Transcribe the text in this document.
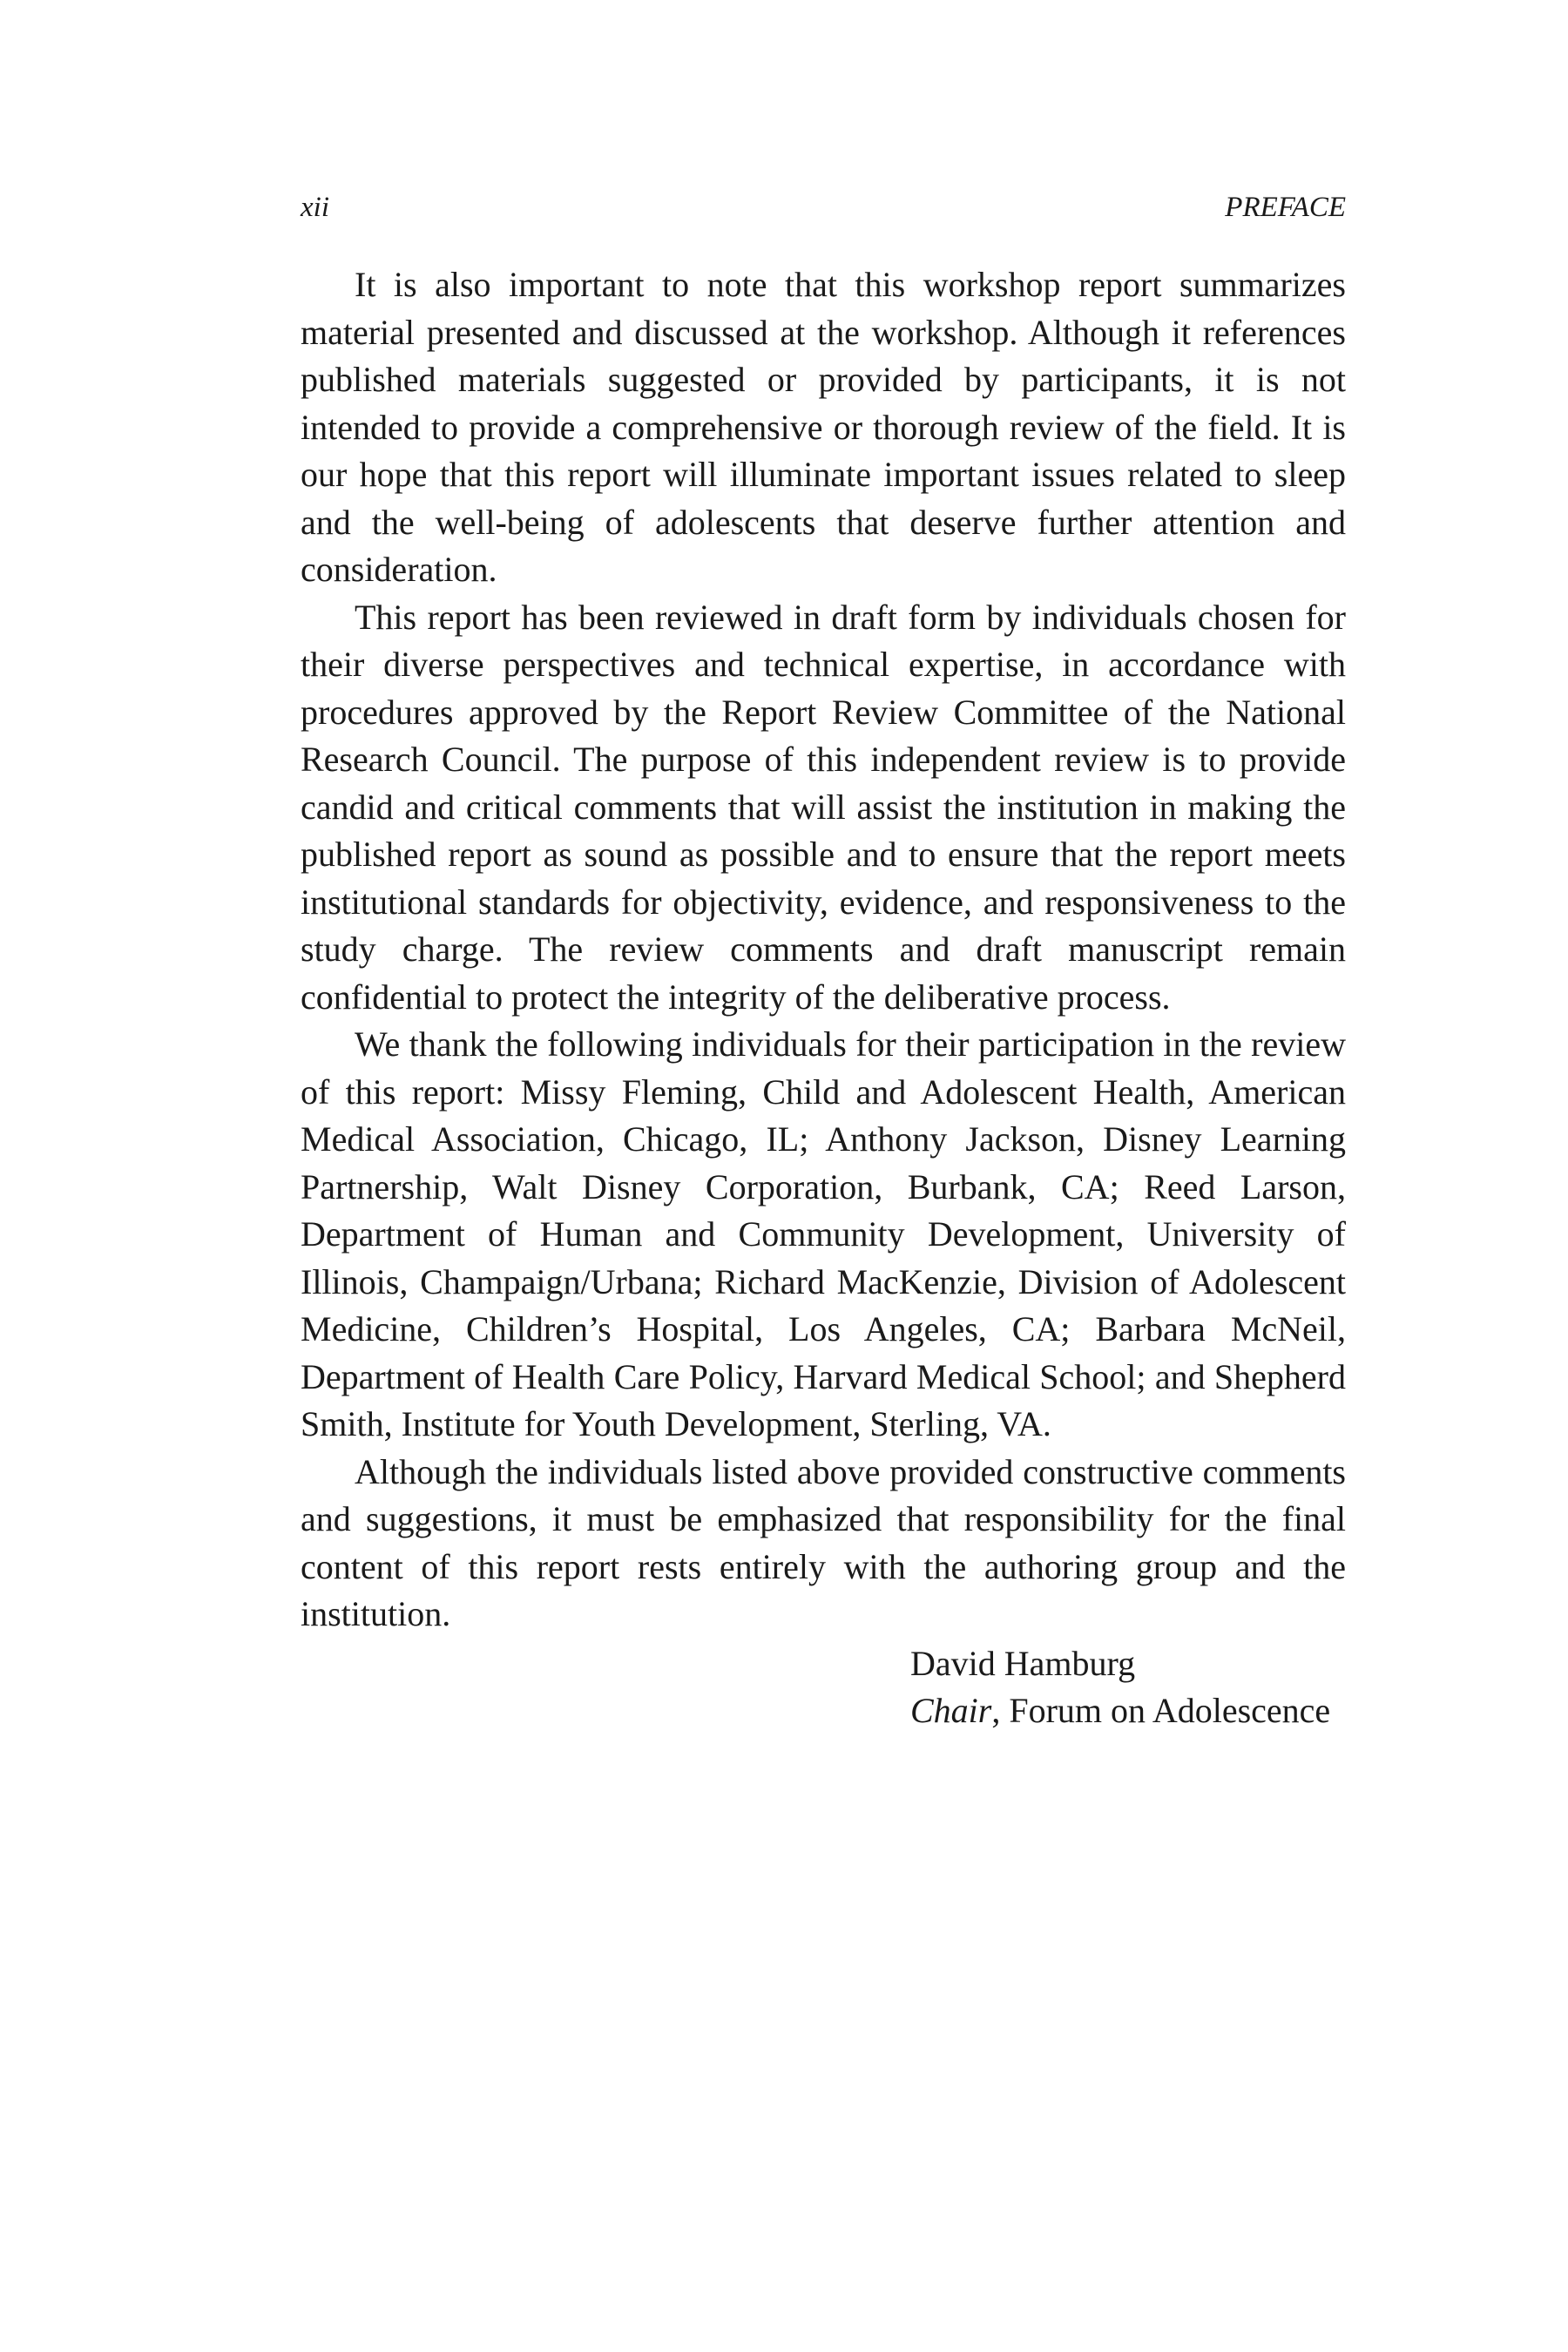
xii	PREFACE

It is also important to note that this workshop report summarizes material presented and discussed at the workshop. Although it references published materials suggested or provided by participants, it is not intended to provide a comprehensive or thorough review of the field. It is our hope that this report will illuminate important issues related to sleep and the well-being of adolescents that deserve further attention and consideration.

This report has been reviewed in draft form by individuals chosen for their diverse perspectives and technical expertise, in accordance with procedures approved by the Report Review Committee of the National Research Council. The purpose of this independent review is to provide candid and critical comments that will assist the institution in making the published report as sound as possible and to ensure that the report meets institutional standards for objectivity, evidence, and responsiveness to the study charge. The review comments and draft manuscript remain confidential to protect the integrity of the deliberative process.

We thank the following individuals for their participation in the review of this report: Missy Fleming, Child and Adolescent Health, American Medical Association, Chicago, IL; Anthony Jackson, Disney Learning Partnership, Walt Disney Corporation, Burbank, CA; Reed Larson, Department of Human and Community Development, University of Illinois, Champaign/Urbana; Richard MacKenzie, Division of Adolescent Medicine, Children’s Hospital, Los Angeles, CA; Barbara McNeil, Department of Health Care Policy, Harvard Medical School; and Shepherd Smith, Institute for Youth Development, Sterling, VA.

Although the individuals listed above provided constructive comments and suggestions, it must be emphasized that responsibility for the final content of this report rests entirely with the authoring group and the institution.

David Hamburg
Chair, Forum on Adolescence
